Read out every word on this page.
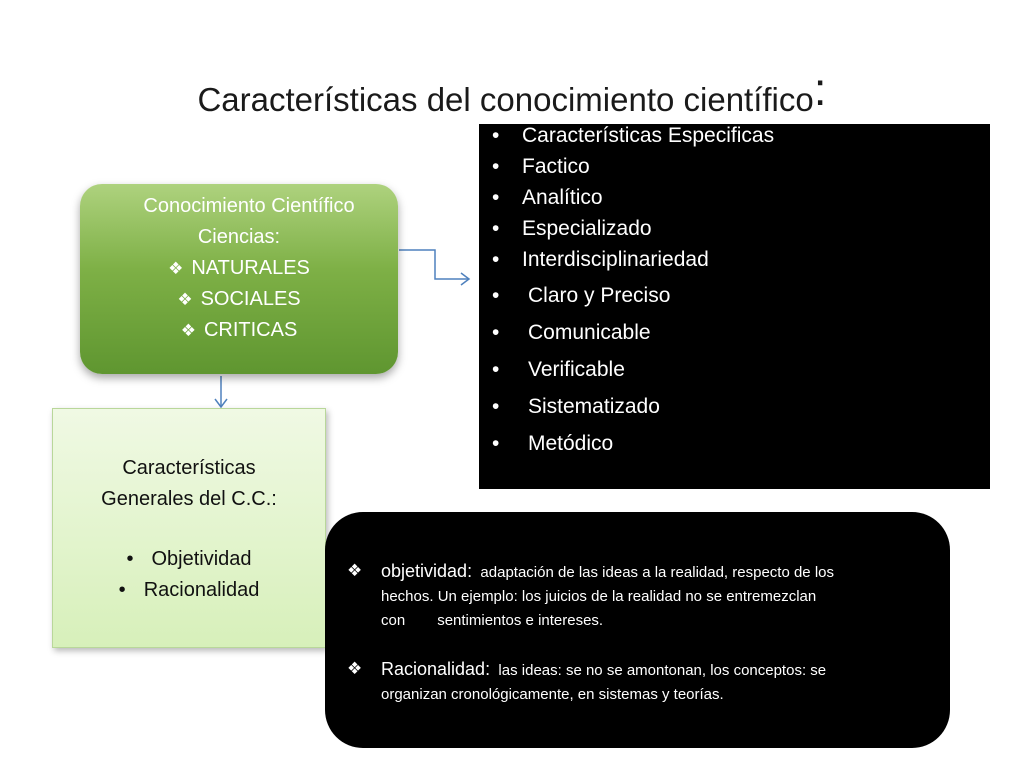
Características del conocimiento científico:
Conocimiento Científico
Ciencias:
❖ NATURALES
❖ SOCIALES
❖ CRITICAS
Características
Generales del C.C.:
• Objetividad
• Racionalidad
• Características Especificas
• Factico
• Analítico
• Especializado
• Interdisciplinariedad
• Claro y Preciso
• Comunicable
• Verificable
• Sistematizado
• Metódico
❖ objetividad: adaptación de las ideas a la realidad, respecto de los
hechos. Un ejemplo: los juicios de la realidad no se entremezclan
con sentimientos e intereses.
❖ Racionalidad: las ideas: se no se amontonan, los conceptos: se
organizan cronológicamente, en sistemas y teorías.
